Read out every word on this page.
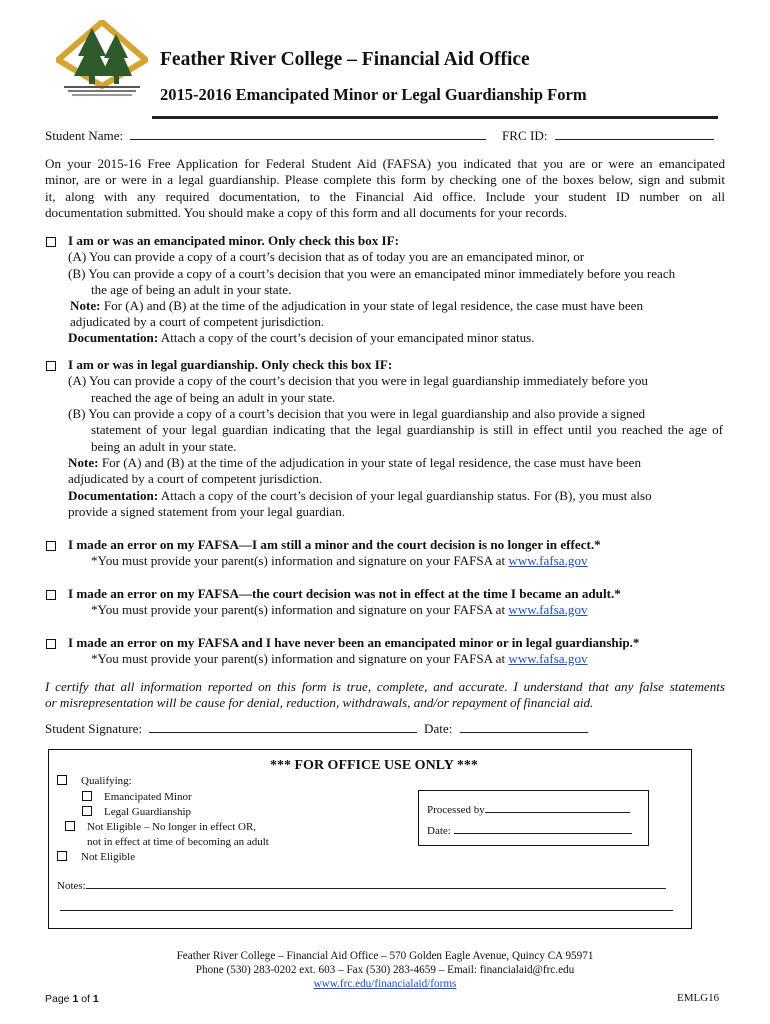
Feather River College – Financial Aid Office
2015-2016 Emancipated Minor or Legal Guardianship Form
Student Name:	FRC ID:
On your 2015-16 Free Application for Federal Student Aid (FAFSA) you indicated that you are or were an emancipated
minor, are or were in a legal guardianship. Please complete this form by checking one of the boxes below, sign and submit
it, along with any required documentation, to the Financial Aid office. Include your student ID number on all
documentation submitted. You should make a copy of this form and all documents for your records.
I am or was an emancipated minor. Only check this box IF:
(A) You can provide a copy of a court’s decision that as of today you are an emancipated minor, or
(B) You can provide a copy of a court’s decision that you were an emancipated minor immediately before you reach
the age of being an adult in your state.
Note: For (A) and (B) at the time of the adjudication in your state of legal residence, the case must have been
adjudicated by a court of competent jurisdiction.
Documentation: Attach a copy of the court’s decision of your emancipated minor status.
I am or was in legal guardianship. Only check this box IF:
(A) You can provide a copy of the court’s decision that you were in legal guardianship immediately before you
reached the age of being an adult in your state.
(B) You can provide a copy of a court’s decision that you were in legal guardianship and also provide a signed
statement of your legal guardian indicating that the legal guardianship is still in effect until you reached the age of
being an adult in your state.
Note: For (A) and (B) at the time of the adjudication in your state of legal residence, the case must have been
adjudicated by a court of competent jurisdiction.
Documentation: Attach a copy of the court’s decision of your legal guardianship status. For (B), you must also
provide a signed statement from your legal guardian.
I made an error on my FAFSA—I am still a minor and the court decision is no longer in effect.*
*You must provide your parent(s) information and signature on your FAFSA at www.fafsa.gov
I made an error on my FAFSA—the court decision was not in effect at the time I became an adult.*
*You must provide your parent(s) information and signature on your FAFSA at www.fafsa.gov
I made an error on my FAFSA and I have never been an emancipated minor or in legal guardianship.*
*You must provide your parent(s) information and signature on your FAFSA at www.fafsa.gov
I certify that all information reported on this form is true, complete, and accurate. I understand that any false statements
or misrepresentation will be cause for denial, reduction, withdrawals, and/or repayment of financial aid.
Student Signature:	Date:
*** FOR OFFICE USE ONLY ***
Qualifying:
Emancipated Minor
Legal Guardianship
Not Eligible – No longer in effect OR,
not in effect at time of becoming an adult
Not Eligible
Processed by
Date:
Notes:
Feather River College – Financial Aid Office – 570 Golden Eagle Avenue, Quincy CA 95971
Phone (530) 283-0202 ext. 603 – Fax (530) 283-4659 – Email: financialaid@frc.edu
www.frc.edu/financialaid/forms
Page 1 of 1	EMLG16
